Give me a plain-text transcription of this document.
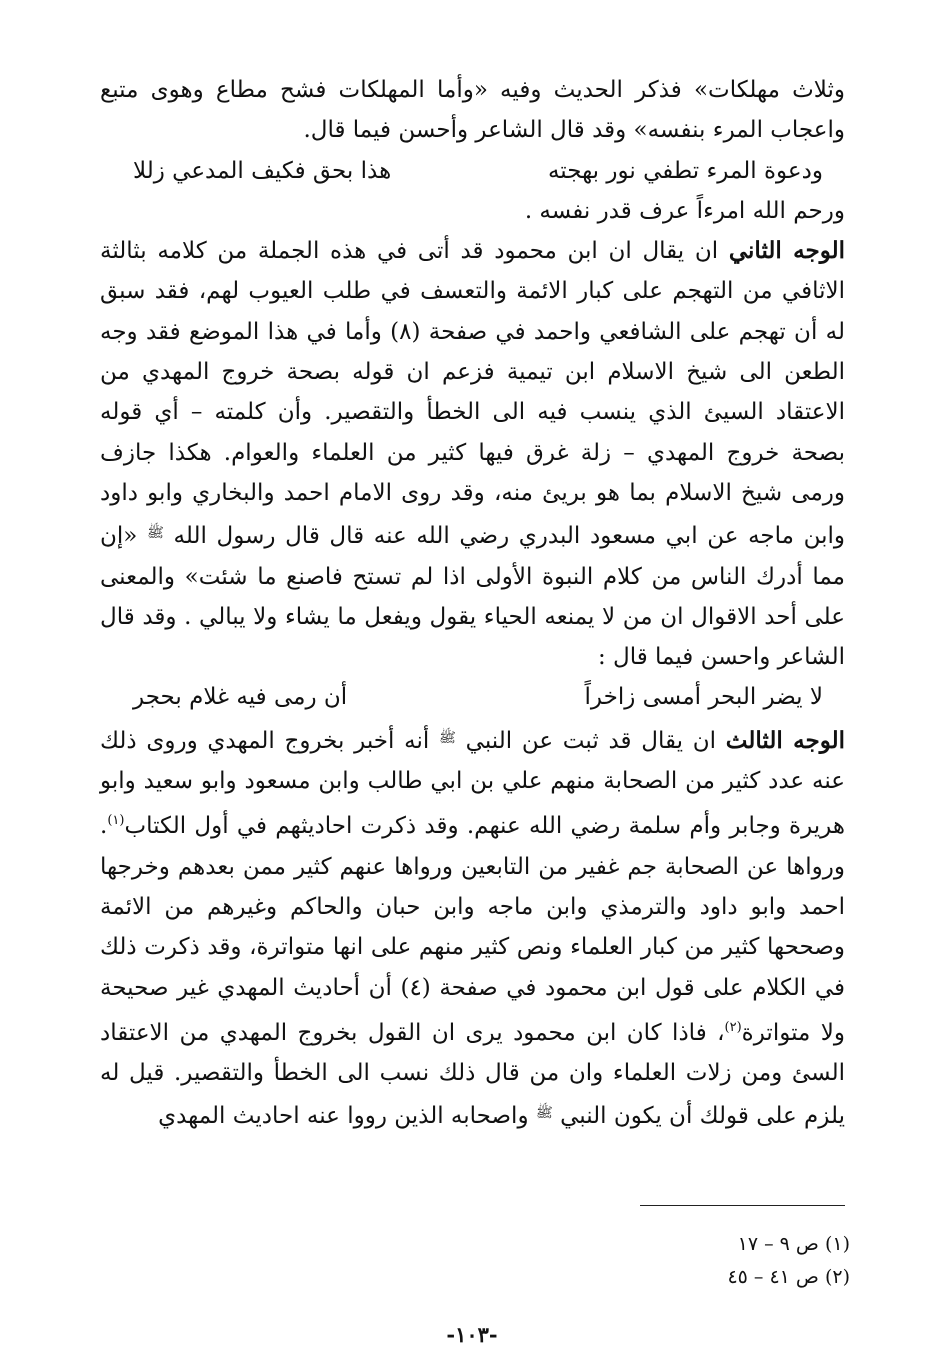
وثلاث مهلكات» فذكر الحديث وفيه «وأما المهلكات فشح مطاع وهوى متبع واعجاب المرء بنفسه» وقد قال الشاعر وأحسن فيما قال.

ودعوة المرء تطفي نور بهجته
هذا بحق فكيف المدعي زللا

ورحم الله امرءاً عرف قدر نفسه .

الوجه الثاني ان يقال ان ابن محمود قد أتى في هذه الجملة من كلامه بثالثة الاثافي من التهجم على كبار الائمة والتعسف في طلب العيوب لهم، فقد سبق له أن تهجم على الشافعي واحمد في صفحة (٨) وأما في هذا الموضع فقد وجه الطعن الى شيخ الاسلام ابن تيمية فزعم ان قوله بصحة خروج المهدي من الاعتقاد السيئ الذي ينسب فيه الى الخطأ والتقصير. وأن كلمته – أي قوله بصحة خروج المهدي – زلة غرق فيها كثير من العلماء والعوام. هكذا جازف ورمى شيخ الاسلام بما هو بريئ منه، وقد روى الامام احمد والبخاري وابو داود وابن ماجه عن ابي مسعود البدري رضي الله عنه قال قال رسول الله $^ﷺ$ «إن مما أدرك الناس من كلام النبوة الأولى اذا لم تستح فاصنع ما شئت» والمعنى على أحد الاقوال ان من لا يمنعه الحياء يقول ويفعل ما يشاء ولا يبالي . وقد قال الشاعر واحسن فيما قال :

لا يضر البحر أمسى زاخراً
أن رمى فيه غلام بحجر

الوجه الثالث ان يقال قد ثبت عن النبي $^ﷺ$ أنه أخبر بخروج المهدي وروى ذلك عنه عدد كثير من الصحابة منهم علي بن ابي طالب وابن مسعود وابو سعيد وابو هريرة وجابر وأم سلمة رضي الله عنهم. وقد ذكرت احاديثهم في أول الكتاب$^{(١)}$. ورواها عن الصحابة جم غفير من التابعين ورواها عنهم كثير ممن بعدهم وخرجها احمد وابو داود والترمذي وابن ماجه وابن حبان والحاكم وغيرهم من الائمة وصححها كثير من كبار العلماء ونص كثير منهم على انها متواترة، وقد ذكرت ذلك في الكلام على قول ابن محمود في صفحة (٤) أن أحاديث المهدي غير صحيحة ولا متواترة$^{(٢)}$، فاذا كان ابن محمود يرى ان القول بخروج المهدي من الاعتقاد السئ ومن زلات العلماء وان من قال ذلك نسب الى الخطأ والتقصير. قيل له يلزم على قولك أن يكون النبي $^ﷺ$ واصحابه الذين رووا عنه احاديث المهدي

(١) ص ٩ – ١٧
(٢) ص ٤١ – ٤٥
-١٠٣-
